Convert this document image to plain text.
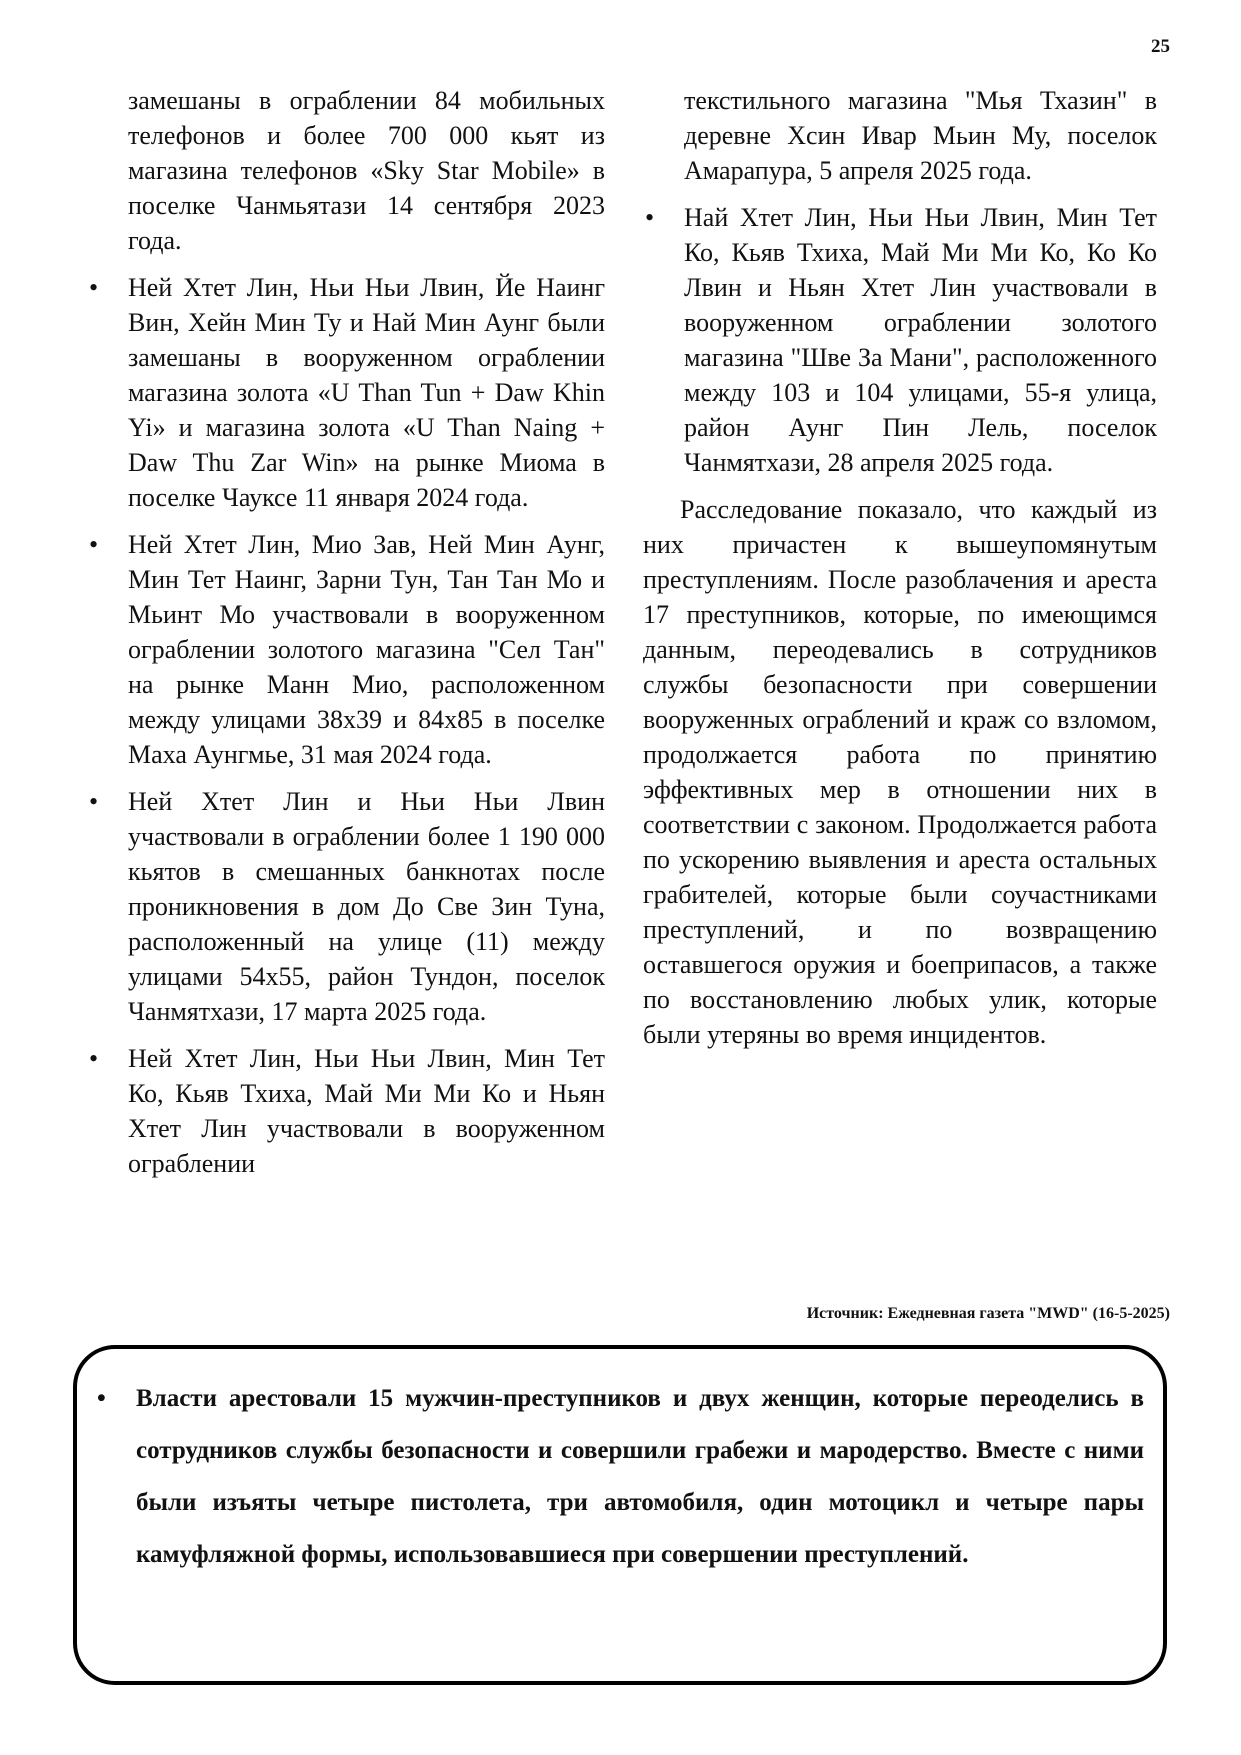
25

замешаны в ограблении 84 мобильных телефонов и более 700 000 кьят из магазина телефонов «Sky Star Mobile» в поселке Чанмьятази 14 сентября 2023 года.

• Ней Хтет Лин, Ньи Ньи Лвин, Йе Наинг Вин, Хейн Мин Ту и Най Мин Аунг были замешаны в вооруженном ограблении магазина золота «U Than Tun + Daw Khin Yi» и магазина золота «U Than Naing + Daw Thu Zar Win» на рынке Миома в поселке Чауксе 11 января 2024 года.
• Ней Хтет Лин, Мио Зав, Ней Мин Аунг, Мин Тет Наинг, Зарни Тун, Тан Тан Мо и Мьинт Мо участвовали в вооруженном ограблении золотого магазина "Сел Тан" на рынке Манн Мио, расположенном между улицами 38x39 и 84x85 в поселке Маха Аунгмье, 31 мая 2024 года.
• Ней Хтет Лин и Ньи Ньи Лвин участвовали в ограблении более 1 190 000 кьятов в смешанных банкнотах после проникновения в дом До Све Зин Туна, расположенный на улице (11) между улицами 54x55, район Тундон, поселок Чанмятхази, 17 марта 2025 года.
• Ней Хтет Лин, Ньи Ньи Лвин, Мин Тет Ко, Кьяв Тхиха, Май Ми Ми Ко и Ньян Хтет Лин участвовали в вооруженном ограблении

текстильного магазина "Мья Тхазин" в деревне Хсин Ивар Мьин Му, поселок Амарапура, 5 апреля 2025 года.

• Най Хтет Лин, Ньи Ньи Лвин, Мин Тет Ко, Кьяв Тхиха, Май Ми Ми Ко, Ко Ко Лвин и Ньян Хтет Лин участвовали в вооруженном ограблении золотого магазина "Шве За Мани", расположенного между 103 и 104 улицами, 55-я улица, район Аунг Пин Лель, поселок Чанмятхази, 28 апреля 2025 года.

Расследование показало, что каждый из них причастен к вышеупомянутым преступлениям. После разоблачения и ареста 17 преступников, которые, по имеющимся данным, переодевались в сотрудников службы безопасности при совершении вооруженных ограблений и краж со взломом, продолжается работа по принятию эффективных мер в отношении них в соответствии с законом. Продолжается работа по ускорению выявления и ареста остальных грабителей, которые были соучастниками преступлений, и по возвращению оставшегося оружия и боеприпасов, а также по восстановлению любых улик, которые были утеряны во время инцидентов.

Источник: Ежедневная газета "MWD" (16-5-2025)
• Власти арестовали 15 мужчин-преступников и двух женщин, которые переоделись в сотрудников службы безопасности и совершили грабежи и мародерство. Вместе с ними были изъяты четыре пистолета, три автомобиля, один мотоцикл и четыре пары камуфляжной формы, использовавшиеся при совершении преступлений.
